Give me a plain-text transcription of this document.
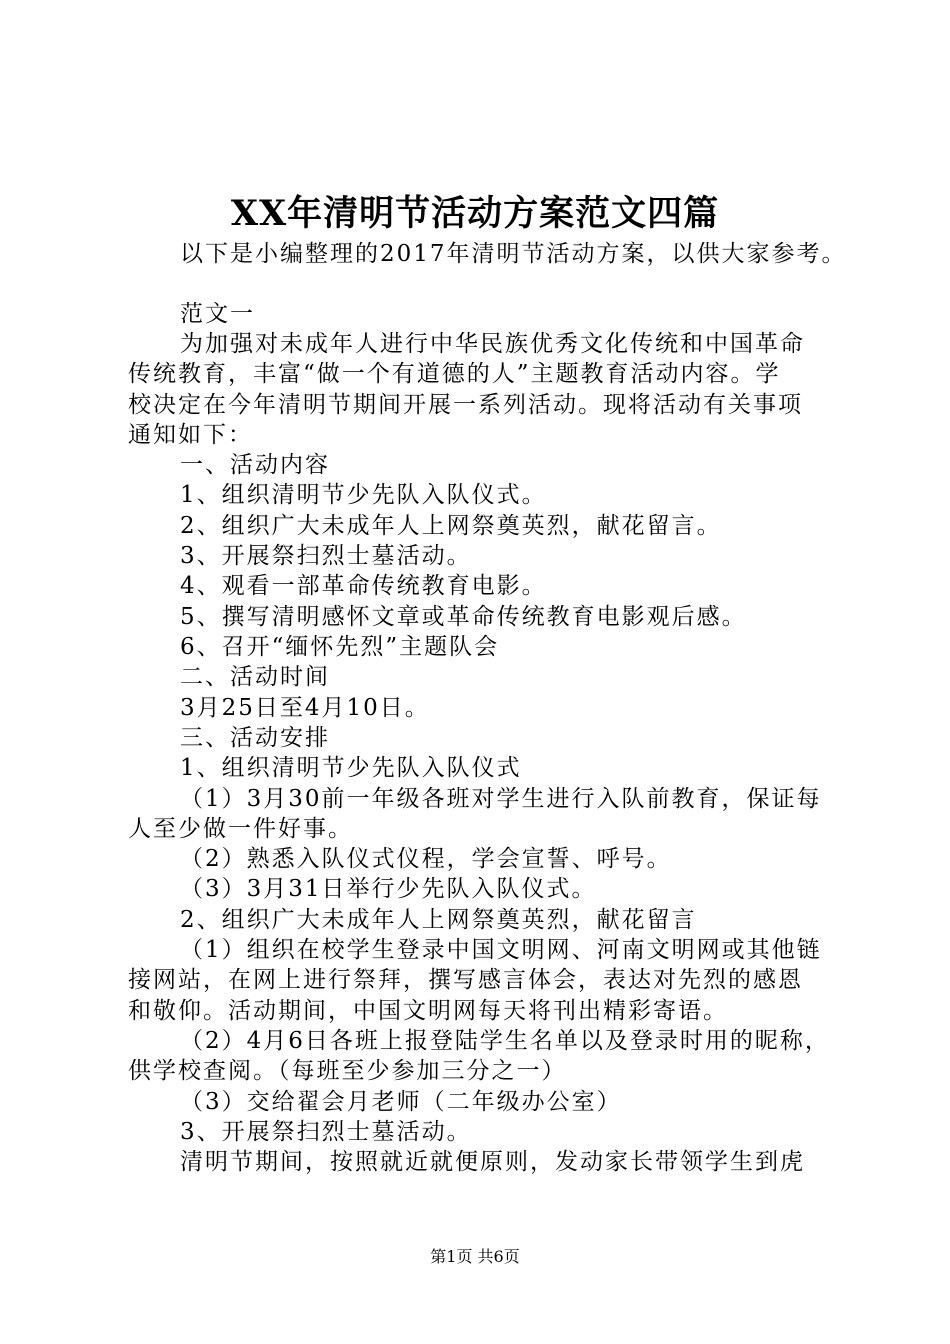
XX年清明节活动方案范文四篇
以下是小编整理的2017年清明节活动方案，以供大家参考。
范文一
为加强对未成年人进行中华民族优秀文化传统和中国革命
传统教育，丰富“做一个有道德的人”主题教育活动内容。学
校决定在今年清明节期间开展一系列活动。现将活动有关事项
通知如下：
一、活动内容
1、组织清明节少先队入队仪式。
2、组织广大未成年人上网祭奠英烈，献花留言。
3、开展祭扫烈士墓活动。
4、观看一部革命传统教育电影。
5、撰写清明感怀文章或革命传统教育电影观后感。
6、召开“缅怀先烈”主题队会
二、活动时间
3月25日至4月10日。
三、活动安排
1、组织清明节少先队入队仪式
（1）3月30前一年级各班对学生进行入队前教育，保证每
人至少做一件好事。
（2）熟悉入队仪式仪程，学会宣誓、呼号。
（3）3月31日举行少先队入队仪式。
2、组织广大未成年人上网祭奠英烈，献花留言
（1）组织在校学生登录中国文明网、河南文明网或其他链
接网站，在网上进行祭拜，撰写感言体会，表达对先烈的感恩
和敬仰。活动期间，中国文明网每天将刊出精彩寄语。
（2）4月6日各班上报登陆学生名单以及登录时用的昵称，
供学校查阅。（每班至少参加三分之一）
（3）交给翟会月老师（二年级办公室）
3、开展祭扫烈士墓活动。
清明节期间，按照就近就便原则，发动家长带领学生到虎
第1页 共6页
